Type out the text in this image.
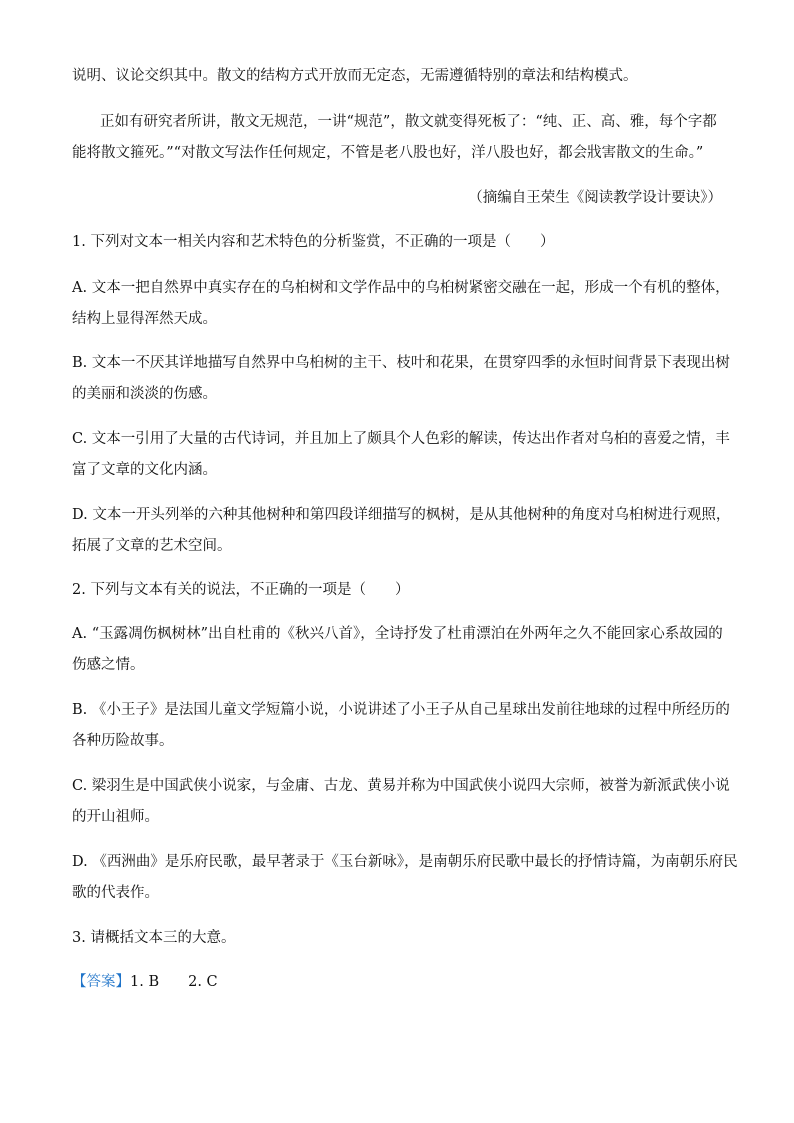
说明、议论交织其中。散文的结构方式开放而无定态，无需遵循特别的章法和结构模式。
正如有研究者所讲，散文无规范，一讲“规范”，散文就变得死板了：“纯、正、高、雅，每个字都
能将散文箍死。”“对散文写法作任何规定，不管是老八股也好，洋八股也好，都会戕害散文的生命。”
（摘编自王荣生《阅读教学设计要诀》）
1. 下列对文本一相关内容和艺术特色的分析鉴赏，不正确的一项是（　　）
A. 文本一把自然界中真实存在的乌桕树和文学作品中的乌桕树紧密交融在一起，形成一个有机的整体，
结构上显得浑然天成。
B. 文本一不厌其详地描写自然界中乌桕树的主干、枝叶和花果，在贯穿四季的永恒时间背景下表现出树
的美丽和淡淡的伤感。
C. 文本一引用了大量的古代诗词，并且加上了颇具个人色彩的解读，传达出作者对乌桕的喜爱之情，丰
富了文章的文化内涵。
D. 文本一开头列举的六种其他树种和第四段详细描写的枫树，是从其他树种的角度对乌桕树进行观照，
拓展了文章的艺术空间。
2. 下列与文本有关的说法，不正确的一项是（　　）
A. “玉露凋伤枫树林”出自杜甫的《秋兴八首》，全诗抒发了杜甫漂泊在外两年之久不能回家心系故园的
伤感之情。
B. 《小王子》是法国儿童文学短篇小说，小说讲述了小王子从自己星球出发前往地球的过程中所经历的
各种历险故事。
C. 梁羽生是中国武侠小说家，与金庸、古龙、黄易并称为中国武侠小说四大宗师，被誉为新派武侠小说
的开山祖师。
D. 《西洲曲》是乐府民歌，最早著录于《玉台新咏》，是南朝乐府民歌中最长的抒情诗篇，为南朝乐府民
歌的代表作。
3. 请概括文本三的大意。
【答案】1. B　　2. C
